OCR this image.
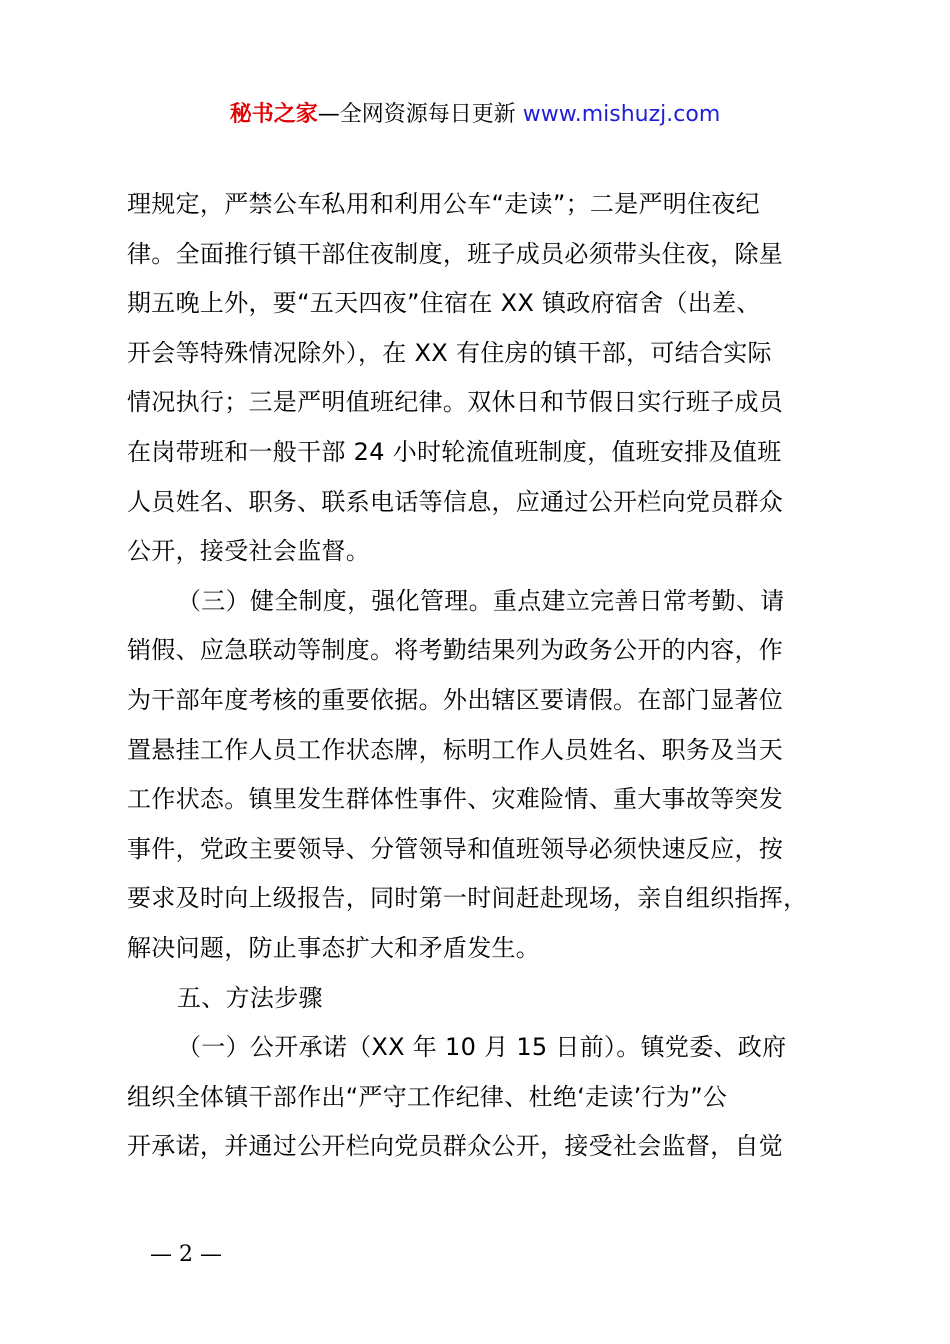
秘书之家—全网资源每日更新 www.mishuzj.com
理规定，严禁公车私用和利用公车“走读”；二是严明住夜纪
律。全面推行镇干部住夜制度，班子成员必须带头住夜，除星
期五晚上外，要“五天四夜”住宿在 XX 镇政府宿舍（出差、
开会等特殊情况除外），在 XX 有住房的镇干部，可结合实际
情况执行；三是严明值班纪律。双休日和节假日实行班子成员
在岗带班和一般干部 24 小时轮流值班制度，值班安排及值班
人员姓名、职务、联系电话等信息，应通过公开栏向党员群众
公开，接受社会监督。
（三）健全制度，强化管理。重点建立完善日常考勤、请
销假、应急联动等制度。将考勤结果列为政务公开的内容，作
为干部年度考核的重要依据。外出辖区要请假。在部门显著位
置悬挂工作人员工作状态牌，标明工作人员姓名、职务及当天
工作状态。镇里发生群体性事件、灾难险情、重大事故等突发
事件，党政主要领导、分管领导和值班领导必须快速反应，按
要求及时向上级报告，同时第一时间赶赴现场，亲自组织指挥，
解决问题，防止事态扩大和矛盾发生。
五、方法步骤
（一）公开承诺（XX 年 10 月 15 日前）。镇党委、政府
组织全体镇干部作出“严守工作纪律、杜绝‘走读’行为”公
开承诺，并通过公开栏向党员群众公开，接受社会监督，自觉
— 2 —
